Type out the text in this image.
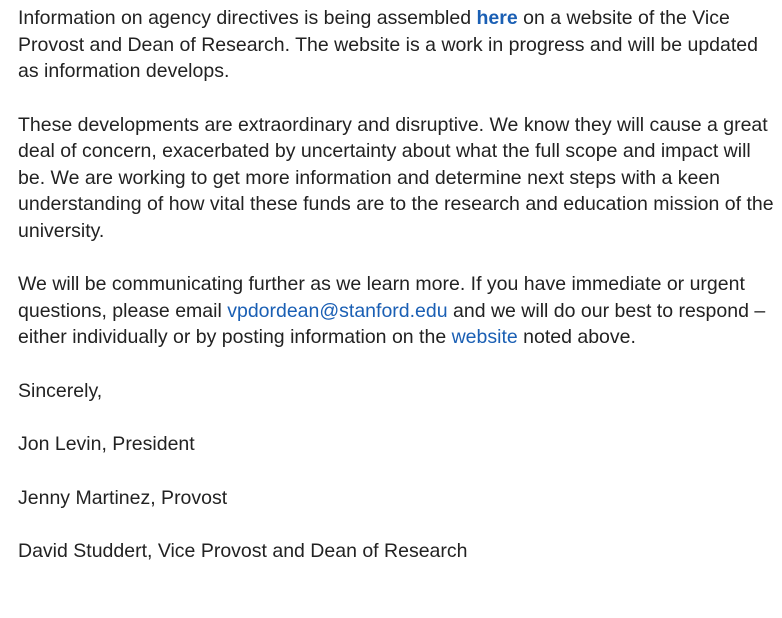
Information on agency directives is being assembled here on a website of the Vice Provost and Dean of Research. The website is a work in progress and will be updated as information develops.

These developments are extraordinary and disruptive. We know they will cause a great deal of concern, exacerbated by uncertainty about what the full scope and impact will be. We are working to get more information and determine next steps with a keen understanding of how vital these funds are to the research and education mission of the university.

We will be communicating further as we learn more. If you have immediate or urgent questions, please email vpdordean@stanford.edu and we will do our best to respond – either individually or by posting information on the website noted above.

Sincerely,

Jon Levin, President

Jenny Martinez, Provost

David Studdert, Vice Provost and Dean of Research
